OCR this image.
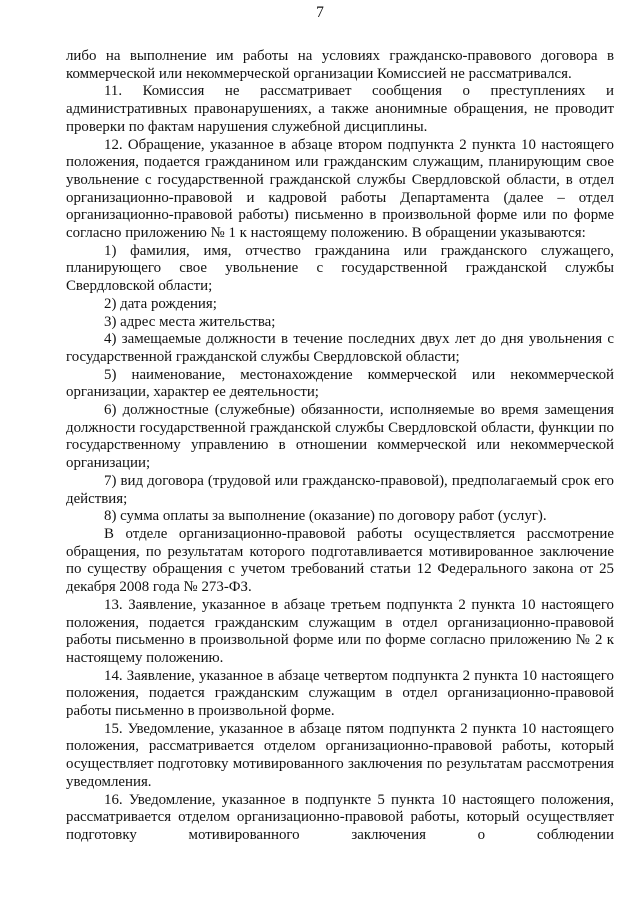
7

либо на выполнение им работы на условиях гражданско-правового договора в коммерческой или некоммерческой организации Комиссией не рассматривался.

11. Комиссия не рассматривает сообщения о преступлениях и административных правонарушениях, а также анонимные обращения, не проводит проверки по фактам нарушения служебной дисциплины.

12. Обращение, указанное в абзаце втором подпункта 2 пункта 10 настоящего положения, подается гражданином или гражданским служащим, планирующим свое увольнение с государственной гражданской службы Свердловской области, в отдел организационно-правовой и кадровой работы Департамента (далее – отдел организационно-правовой работы) письменно в произвольной форме или по форме согласно приложению № 1 к настоящему положению. В обращении указываются:

1) фамилия, имя, отчество гражданина или гражданского служащего, планирующего свое увольнение с государственной гражданской службы Свердловской области;

2) дата рождения;

3) адрес места жительства;

4) замещаемые должности в течение последних двух лет до дня увольнения с государственной гражданской службы Свердловской области;

5) наименование, местонахождение коммерческой или некоммерческой организации, характер ее деятельности;

6) должностные (служебные) обязанности, исполняемые во время замещения должности государственной гражданской службы Свердловской области, функции по государственному управлению в отношении коммерческой или некоммерческой организации;

7) вид договора (трудовой или гражданско-правовой), предполагаемый срок его действия;

8) сумма оплаты за выполнение (оказание) по договору работ (услуг).

В отделе организационно-правовой работы осуществляется рассмотрение обращения, по результатам которого подготавливается мотивированное заключение по существу обращения с учетом требований статьи 12 Федерального закона от 25 декабря 2008 года № 273-ФЗ.

13. Заявление, указанное в абзаце третьем подпункта 2 пункта 10 настоящего положения, подается гражданским служащим в отдел организационно-правовой работы письменно в произвольной форме или по форме согласно приложению № 2 к настоящему положению.

14. Заявление, указанное в абзаце четвертом подпункта 2 пункта 10 настоящего положения, подается гражданским служащим в отдел организационно-правовой работы письменно в произвольной форме.

15. Уведомление, указанное в абзаце пятом подпункта 2 пункта 10 настоящего положения, рассматривается отделом организационно-правовой работы, который осуществляет подготовку мотивированного заключения по результатам рассмотрения уведомления.

16. Уведомление, указанное в подпункте 5 пункта 10 настоящего положения, рассматривается отделом организационно-правовой работы, который осуществляет подготовку мотивированного заключения о соблюдении
